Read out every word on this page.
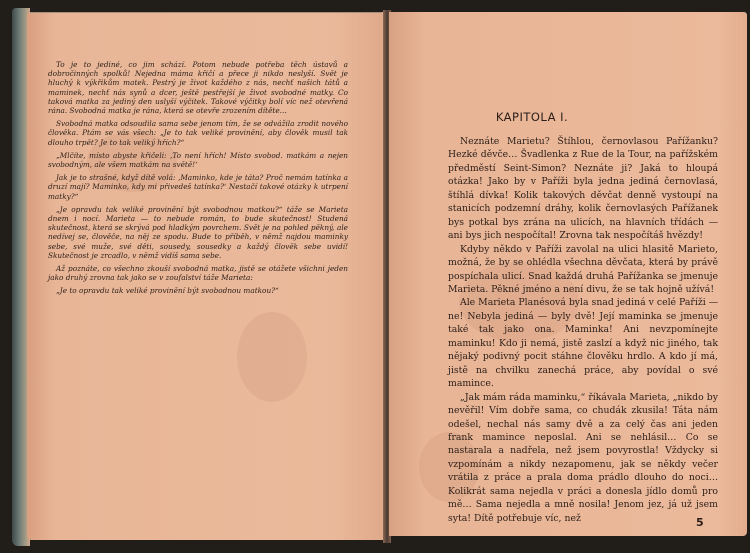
To je to jediné, co jim schází. Potom nebude potřeba těch ústavů a dobročinných spolků! Nejedna máma křičí a přece ji nikdo neslyší. Svět je hluchý k výkřikům matek. Pestrý je život každého z nás, nechť našich tátů a maminek, nechť nás synů a dcer, ještě pestřejší je život svobodné matky. Co taková matka za jediný den uslyší výčitek. Takové výčitky bolí víc než otevřená rána. Svobodná matka je rána, která se otevře zrozením dítěte…

Svobodná matka odsoudila sama sebe jenom tím, že se odvážila zrodit nového člověka. Ptám se vás všech: „Je to tak veliké provinění, aby člověk musil tak dlouho trpět? Je to tak veliký hřích?“

„Mlčíte, místo abyste křičeli: ‚To není hřích! Místo svobod. matkám a nejen svobodným, ale všem matkám na světě!‘

Jak je to strašné, když dítě volá: ‚Maminko, kde je táta? Proč nemám tatínka a druzí mají? Maminko, kdy mi přivedeš tatínka?‘ Nestačí takové otázky k utrpení matky?“

„Je opravdu tak veliké provinění být svobodnou matkou?“ táže se Marieta dnem i nocí. Marieta — to nebude román, to bude skutečnost! Studená skutečnost, která se skrývá pod hladkým povrchem. Svět je na pohled pěkný, ale nedívej se, člověče, na něj ze spodu. Bude to příběh, v němž najdou maminky sebe, své muže, své děti, sousedy, sousedky a každý člověk sebe uvidí! Skutečnost je zrcadlo, v němž vidíš sama sebe.

Až poznáte, co všechno zkouší svobodná matka, jistě se otážete všichni jeden jako druhý zrovna tak jako se v zoufalství táže Marieta:

„Je to opravdu tak veliké provinění být svobodnou matkou?“

KAPITOLA I.

Neznáte Marietu? Štíhlou, černovlasou Pařížanku? Hezké děvče… Švadlenka z Rue de la Tour, na pařížském předměstí Seint-Simon? Neznáte ji? Jaká to hloupá otázka! Jako by v Paříži byla jedna jediná černovlasá, štíhlá dívka! Kolik takových děvčat denně vystoupí na stanicích podzemní dráhy, kolik černovlasých Pařížanek bys potkal bys zrána na ulicích, na hlavních třídách — ani bys jich nespočítal! Zrovna tak nespočítáš hvězdy!

Kdyby někdo v Paříži zavolal na ulici hlasitě Marieto, možná, že by se ohlédla všechna děvčata, která by právě pospíchala ulicí. Snad každá druhá Pařížanka se jmenuje Marieta. Pěkné jméno a není divu, že se tak hojně užívá!

Ale Marieta Planésová byla snad jediná v celé Paříži — ne! Nebyla jediná — byly dvě! Její maminka se jmenuje také tak jako ona. Maminka! Ani nevzpomínejte maminku! Kdo ji nemá, jistě zaslzí a když nic jiného, tak nějaký podivný pocit stáhne člověku hrdlo. A kdo jí má, jistě na chvilku zanechá práce, aby povídal o své mamince.

„Jak mám ráda maminku,“ říkávala Marieta, „nikdo by nevěřil! Vím dobře sama, co chudák zkusila! Táta nám odešel, nechal nás samy dvě a za celý čas ani jeden frank mamince neposlal. Ani se nehlásil… Co se nastarala a nadřela, než jsem povyrostla! Vždycky si vzpomínám a nikdy nezapomenu, jak se někdy večer vrátila z práce a prala doma prádlo dlouho do noci… Kolikrát sama nejedla v práci a donesla jídlo domů pro mě… Sama nejedla a mně nosila! Jenom jez, já už jsem syta! Dítě potřebuje víc, než	5
